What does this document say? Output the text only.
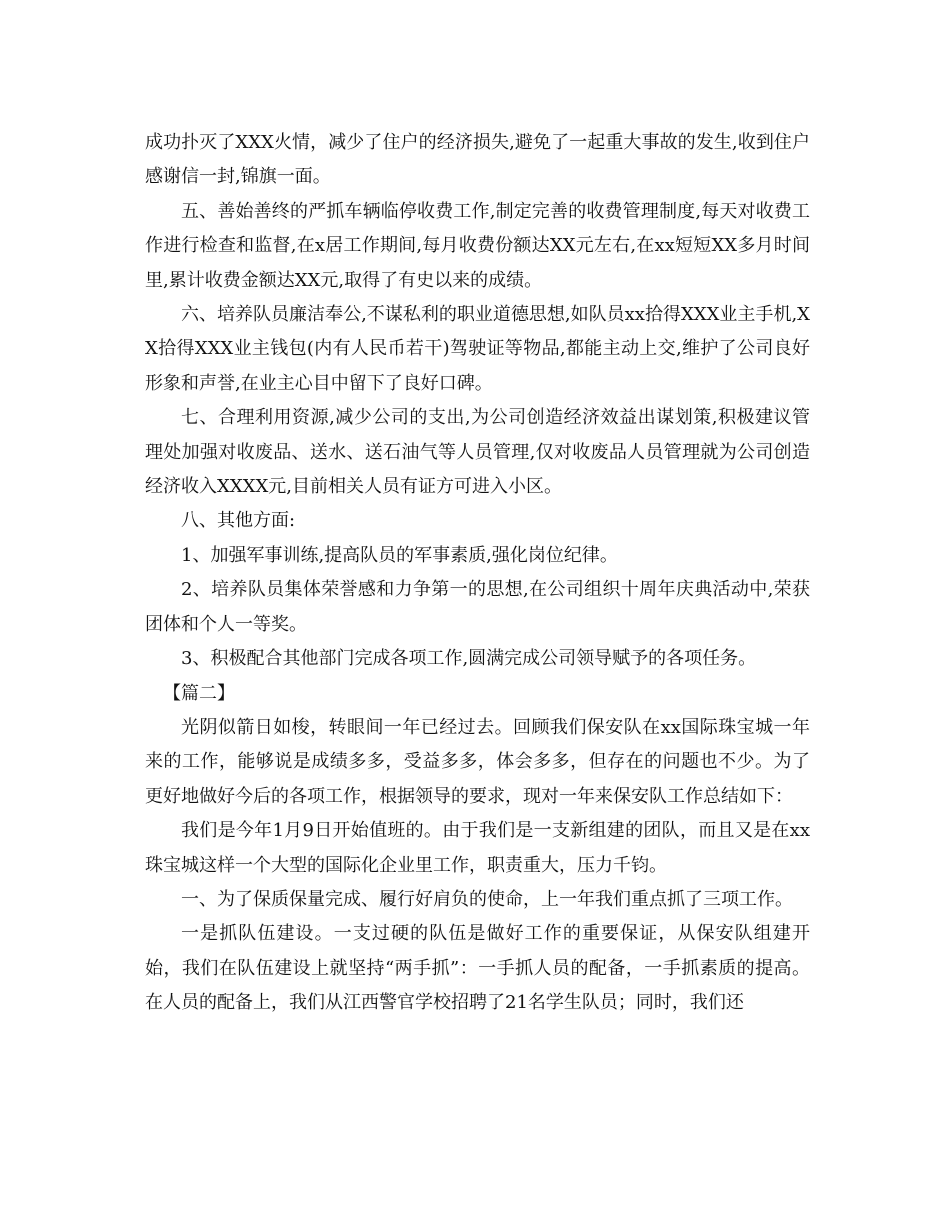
成功扑灭了XXX火情，减少了住户的经济损失,避免了一起重大事故的发生,收到住户感谢信一封,锦旗一面。

五、善始善终的严抓车辆临停收费工作,制定完善的收费管理制度,每天对收费工作进行检查和监督,在x居工作期间,每月收费份额达XX元左右,在xx短短XX多月时间里,累计收费金额达XX元,取得了有史以来的成绩。

六、培养队员廉洁奉公,不谋私利的职业道德思想,如队员xx拾得XXX业主手机,XX拾得XXX业主钱包(内有人民币若干)驾驶证等物品,都能主动上交,维护了公司良好形象和声誉,在业主心目中留下了良好口碑。

七、合理利用资源,减少公司的支出,为公司创造经济效益出谋划策,积极建议管理处加强对收废品、送水、送石油气等人员管理,仅对收废品人员管理就为公司创造经济收入XXXX元,目前相关人员有证方可进入小区。

八、其他方面:

1、加强军事训练,提高队员的军事素质,强化岗位纪律。

2、培养队员集体荣誉感和力争第一的思想,在公司组织十周年庆典活动中,荣获团体和个人一等奖。

3、积极配合其他部门完成各项工作,圆满完成公司领导赋予的各项任务。

【篇二】

光阴似箭日如梭，转眼间一年已经过去。回顾我们保安队在xx国际珠宝城一年来的工作，能够说是成绩多多，受益多多，体会多多，但存在的问题也不少。为了更好地做好今后的各项工作，根据领导的要求，现对一年来保安队工作总结如下：

我们是今年1月9日开始值班的。由于我们是一支新组建的团队，而且又是在xx珠宝城这样一个大型的国际化企业里工作，职责重大，压力千钧。

一、为了保质保量完成、履行好肩负的使命，上一年我们重点抓了三项工作。

一是抓队伍建设。一支过硬的队伍是做好工作的重要保证，从保安队组建开始，我们在队伍建设上就坚持“两手抓”：一手抓人员的配备，一手抓素质的提高。在人员的配备上，我们从江西警官学校招聘了21名学生队员；同时，我们还
